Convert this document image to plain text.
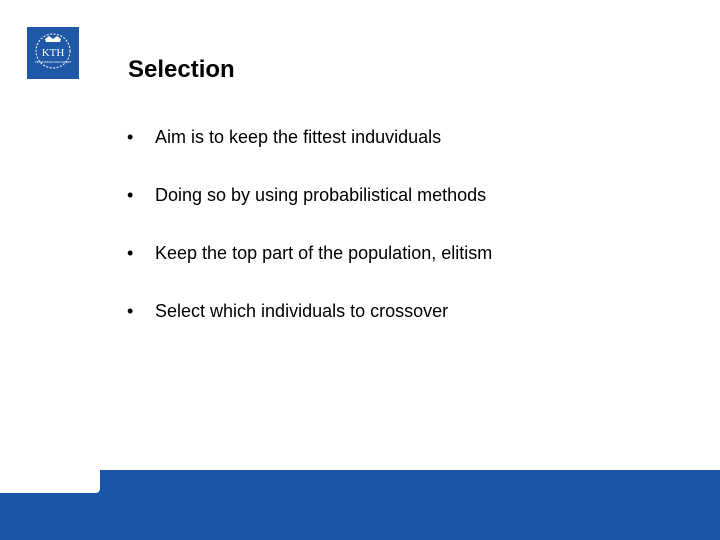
KTH
VETENSKAP OCH KONST Selection
•	Aim is to keep the fittest induviduals
•	Doing so by using probabilistical methods
•	Keep the top part of the population, elitism
•	Select which individuals to crossover
